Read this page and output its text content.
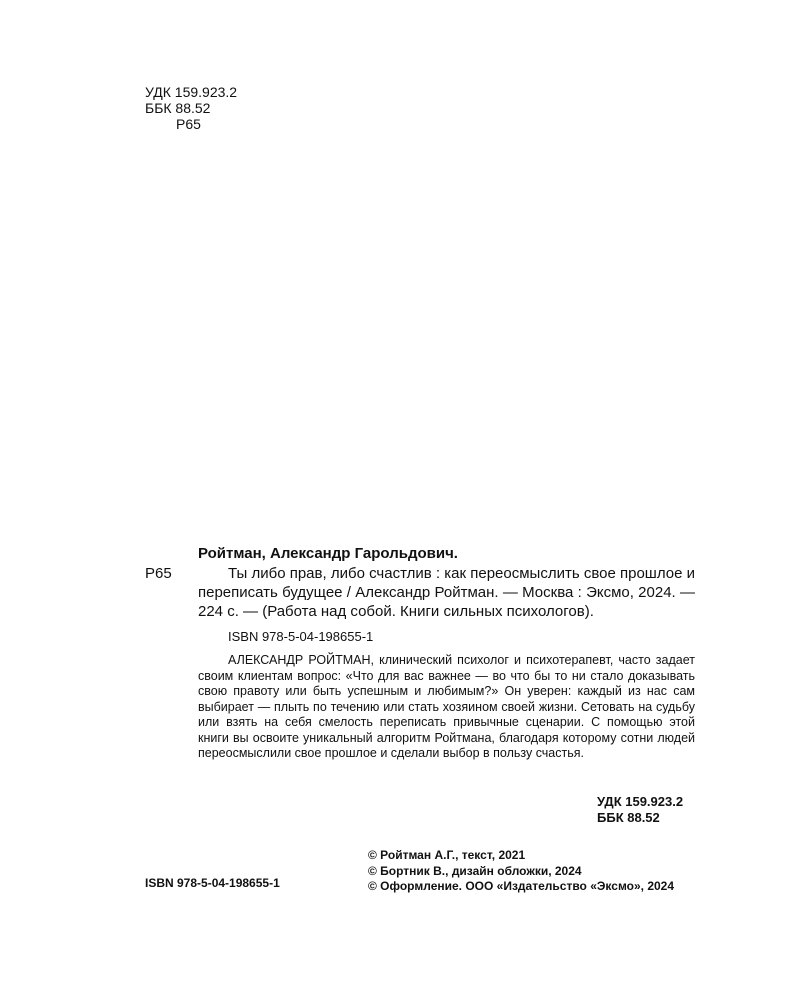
УДК 159.923.2
ББК 88.52
Р65
Ройтман, Александр Гарольдович.
Р65	Ты либо прав, либо счастлив : как переосмыслить свое прошлое и переписать будущее / Александр Ройтман. — Москва : Эксмо, 2024. — 224 с. — (Работа над собой. Книги сильных психологов).
ISBN 978-5-04-198655-1
АЛЕКСАНДР РОЙТМАН, клинический психолог и психотерапевт, часто задает своим клиентам вопрос: «Что для вас важнее — во что бы то ни стало доказывать свою правоту или быть успешным и любимым?» Он уверен: каждый из нас сам выбирает — плыть по течению или стать хозяином своей жизни. Сетовать на судьбу или взять на себя смелость переписать привычные сценарии. С помощью этой книги вы освоите уникальный алгоритм Ройтмана, благодаря которому сотни людей переосмыслили свое прошлое и сделали выбор в пользу счастья.
УДК 159.923.2
ББК 88.52
© Ройтман А.Г., текст, 2021
© Бортник В., дизайн обложки, 2024
© Оформление. ООО «Издательство «Эксмо», 2024
ISBN 978-5-04-198655-1
